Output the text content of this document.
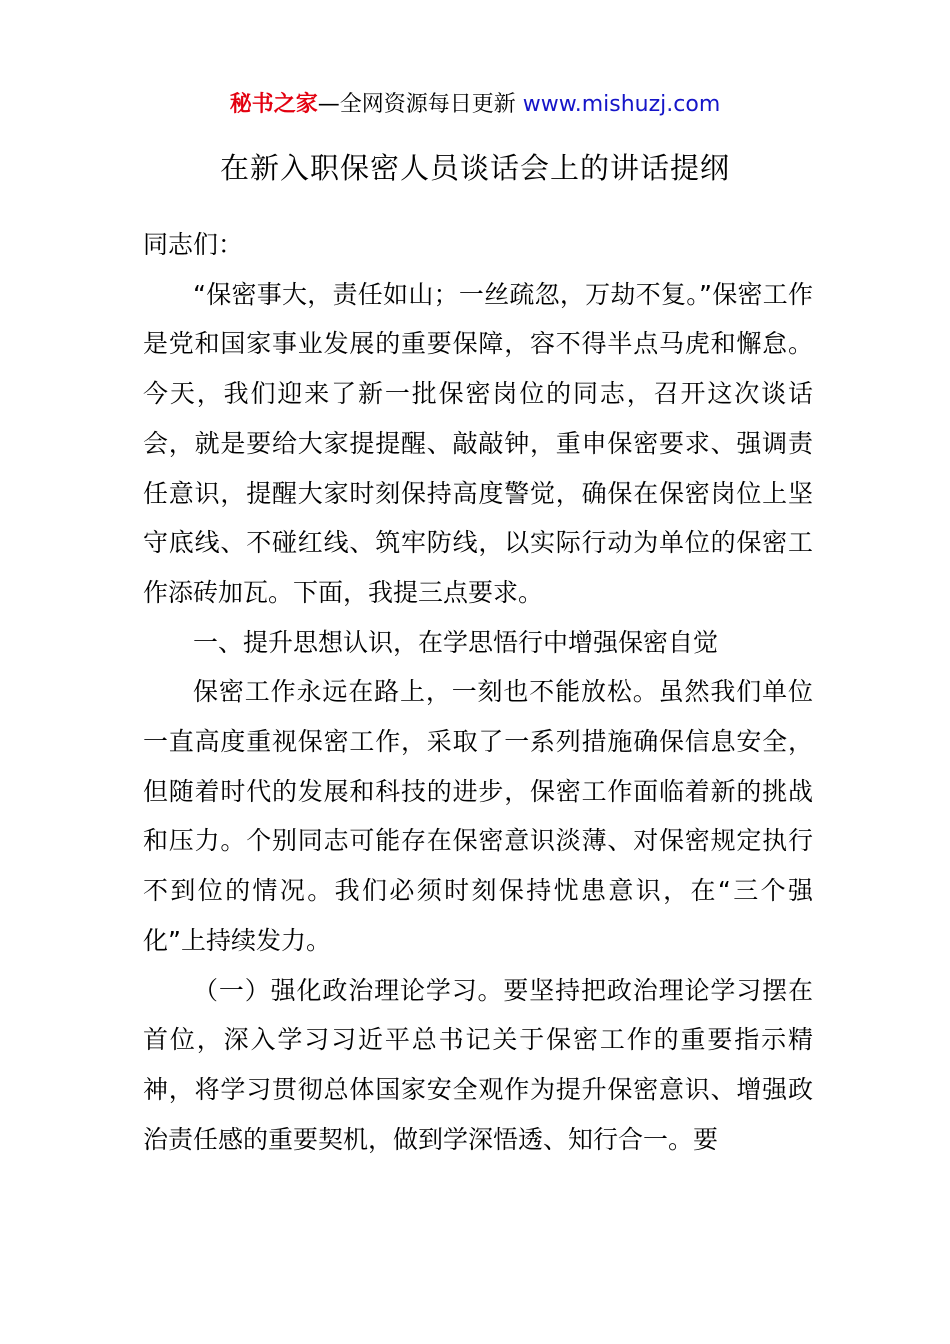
秘书之家—全网资源每日更新 www.mishuzj.com
在新入职保密人员谈话会上的讲话提纲

同志们：

“保密事大，责任如山；一丝疏忽，万劫不复。”保密工作是党和国家事业发展的重要保障，容不得半点马虎和懈怠。今天，我们迎来了新一批保密岗位的同志，召开这次谈话会，就是要给大家提提醒、敲敲钟，重申保密要求、强调责任意识，提醒大家时刻保持高度警觉，确保在保密岗位上坚守底线、不碰红线、筑牢防线，以实际行动为单位的保密工作添砖加瓦。下面，我提三点要求。

一、提升思想认识，在学思悟行中增强保密自觉

保密工作永远在路上，一刻也不能放松。虽然我们单位一直高度重视保密工作，采取了一系列措施确保信息安全，但随着时代的发展和科技的进步，保密工作面临着新的挑战和压力。个别同志可能存在保密意识淡薄、对保密规定执行不到位的情况。我们必须时刻保持忧患意识，在“三个强化”上持续发力。

（一）强化政治理论学习。要坚持把政治理论学习摆在首位，深入学习习近平总书记关于保密工作的重要指示精神，将学习贯彻总体国家安全观作为提升保密意识、增强政治责任感的重要契机，做到学深悟透、知行合一。要
